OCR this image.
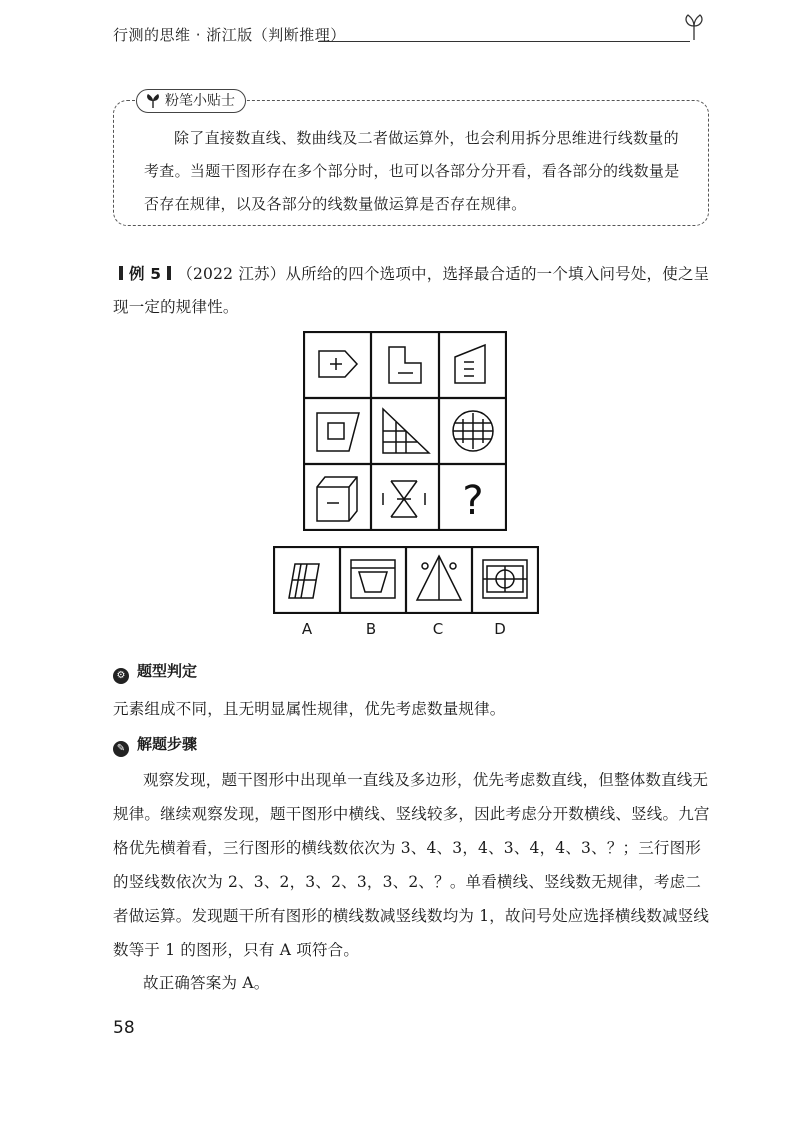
行测的思维 · 浙江版（判断推理）
粉笔小贴士
除了直接数直线、数曲线及二者做运算外，也会利用拆分思维进行线数量的考查。当题干图形存在多个部分时，也可以各部分分开看，看各部分的线数量是否存在规律，以及各部分的线数量做运算是否存在规律。
例 5 （2022 江苏）从所给的四个选项中，选择最合适的一个填入问号处，使之呈现一定的规律性。
?
A	B	C	D
⚙ 题型判定
元素组成不同，且无明显属性规律，优先考虑数量规律。
✎ 解题步骤
观察发现，题干图形中出现单一直线及多边形，优先考虑数直线，但整体数直线无规律。继续观察发现，题干图形中横线、竖线较多，因此考虑分开数横线、竖线。九宫格优先横着看，三行图形的横线数依次为 3、4、3，4、3、4，4、3、？；三行图形的竖线数依次为 2、3、2，3、2、3，3、2、？。单看横线、竖线数无规律，考虑二者做运算。发现题干所有图形的横线数减竖线数均为 1，故问号处应选择横线数减竖线数等于 1 的图形，只有 A 项符合。
故正确答案为 A。
58
